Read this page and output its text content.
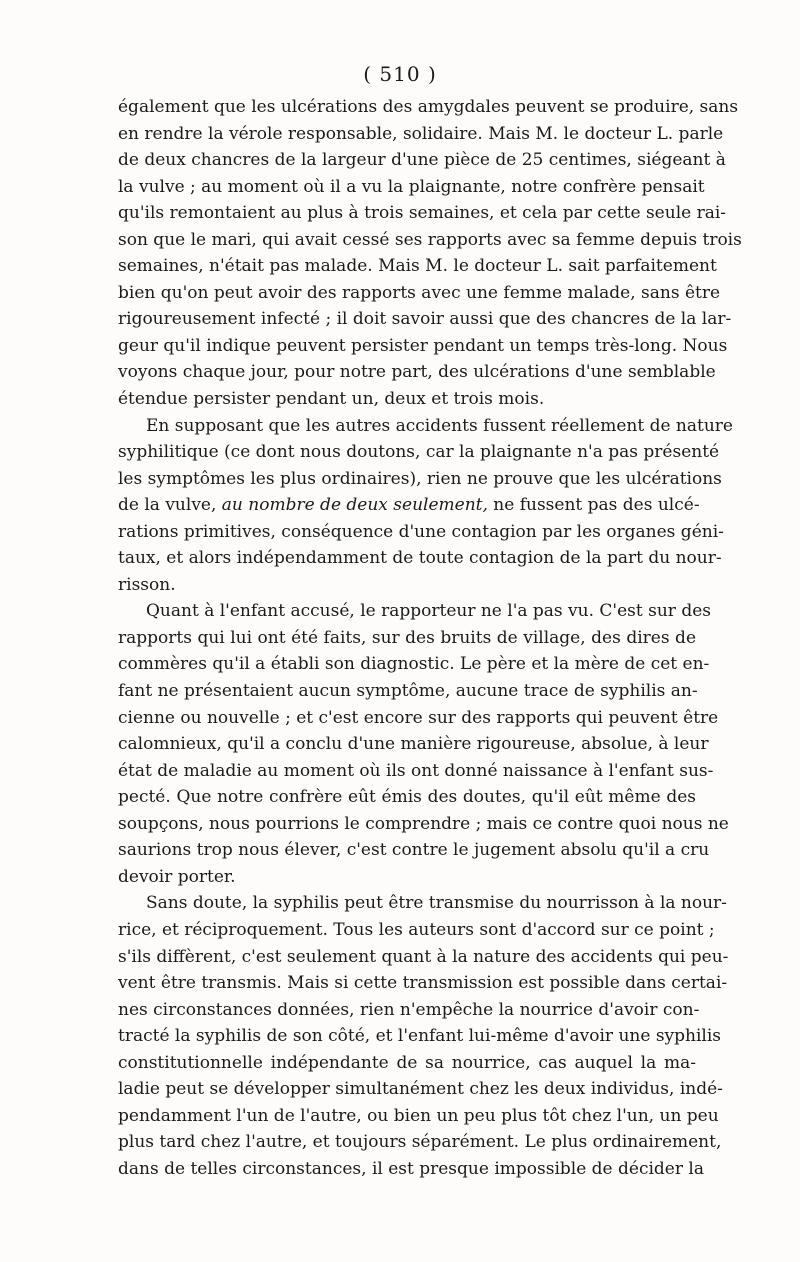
( 510 )
également que les ulcérations des amygdales peuvent se produire, sans
en rendre la vérole responsable, solidaire. Mais M. le docteur L. parle
de deux chancres de la largeur d'une pièce de 25 centimes, siégeant à
la vulve ; au moment où il a vu la plaignante, notre confrère pensait
qu'ils remontaient au plus à trois semaines, et cela par cette seule rai-
son que le mari, qui avait cessé ses rapports avec sa femme depuis trois
semaines, n'était pas malade. Mais M. le docteur L. sait parfaitement
bien qu'on peut avoir des rapports avec une femme malade, sans être
rigoureusement infecté ; il doit savoir aussi que des chancres de la lar-
geur qu'il indique peuvent persister pendant un temps très-long. Nous
voyons chaque jour, pour notre part, des ulcérations d'une semblable
étendue persister pendant un, deux et trois mois.
En supposant que les autres accidents fussent réellement de nature
syphilitique (ce dont nous doutons, car la plaignante n'a pas présenté
les symptômes les plus ordinaires), rien ne prouve que les ulcérations
de la vulve, au nombre de deux seulement, ne fussent pas des ulcé-
rations primitives, conséquence d'une contagion par les organes géni-
taux, et alors indépendamment de toute contagion de la part du nour-
risson.
Quant à l'enfant accusé, le rapporteur ne l'a pas vu. C'est sur des
rapports qui lui ont été faits, sur des bruits de village, des dires de
commères qu'il a établi son diagnostic. Le père et la mère de cet en-
fant ne présentaient aucun symptôme, aucune trace de syphilis an-
cienne ou nouvelle ; et c'est encore sur des rapports qui peuvent être
calomnieux, qu'il a conclu d'une manière rigoureuse, absolue, à leur
état de maladie au moment où ils ont donné naissance à l'enfant sus-
pecté. Que notre confrère eût émis des doutes, qu'il eût même des
soupçons, nous pourrions le comprendre ; mais ce contre quoi nous ne
saurions trop nous élever, c'est contre le jugement absolu qu'il a cru
devoir porter.
Sans doute, la syphilis peut être transmise du nourrisson à la nour-
rice, et réciproquement. Tous les auteurs sont d'accord sur ce point ;
s'ils diffèrent, c'est seulement quant à la nature des accidents qui peu-
vent être transmis. Mais si cette transmission est possible dans certai-
nes circonstances données, rien n'empêche la nourrice d'avoir con-
tracté la syphilis de son côté, et l'enfant lui-même d'avoir une syphilis
constitutionnelle indépendante de sa nourrice, cas auquel la ma-
ladie peut se développer simultanément chez les deux individus, indé-
pendamment l'un de l'autre, ou bien un peu plus tôt chez l'un, un peu
plus tard chez l'autre, et toujours séparément. Le plus ordinairement,
dans de telles circonstances, il est presque impossible de décider la
